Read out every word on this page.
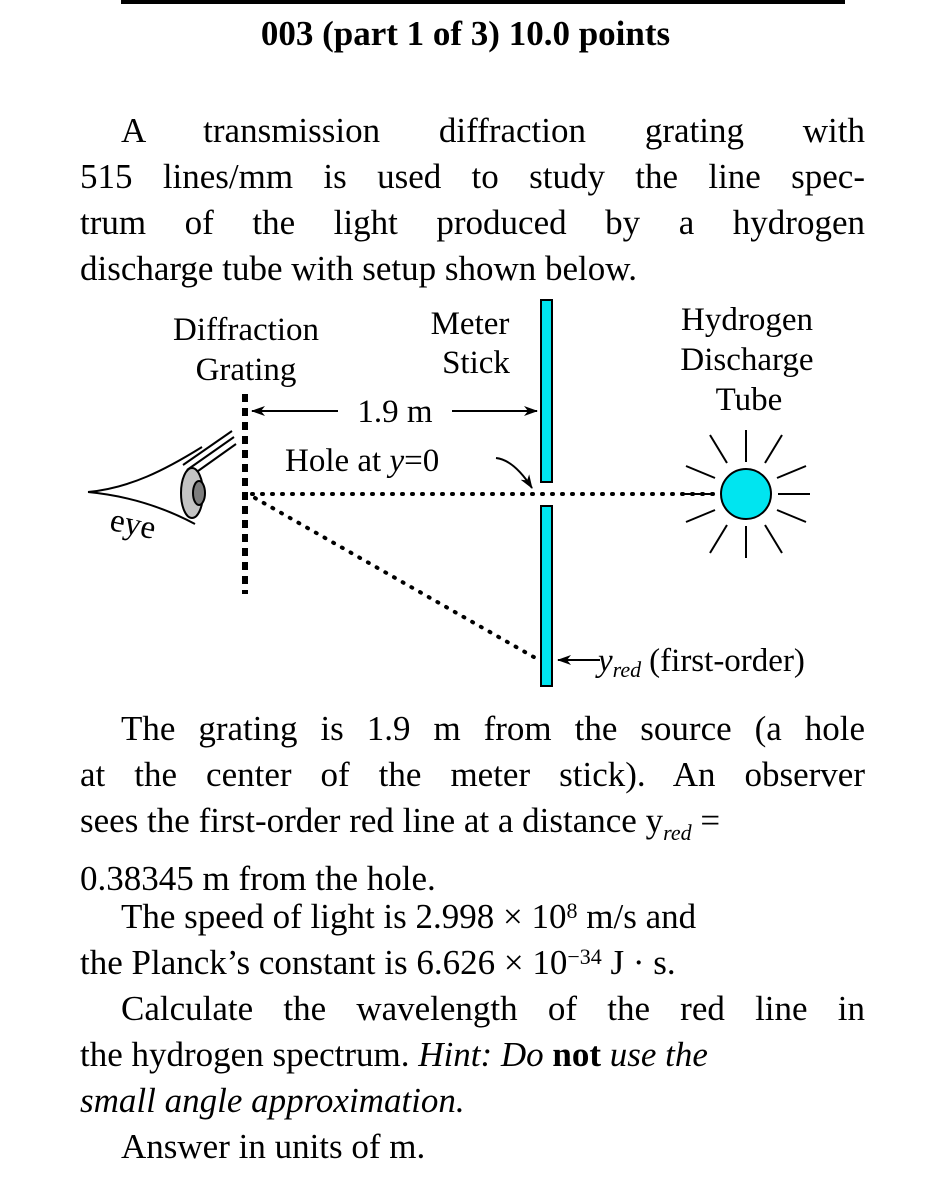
003 (part 1 of 3) 10.0 points
A transmission diffraction grating with
515 lines/mm is used to study the line spec-
trum of the light produced by a hydrogen
discharge tube with setup shown below.
Diffraction
Grating
Meter
Stick
Hydrogen
Discharge
Tube
1.9 m
Hole at y=0
yred (first-order)
eye
The grating is 1.9 m from the source (a hole
at the center of the meter stick). An observer
sees the first-order red line at a distance $y_{red}$ =
0.38345 m from the hole.
The speed of light is $2.998 \times 10^8$ m/s and
the Planck’s constant is $6.626 \times 10^{-34}$ J · s.
Calculate the wavelength of the red line in
the hydrogen spectrum. Hint: Do not use the
small angle approximation.
Answer in units of m.
